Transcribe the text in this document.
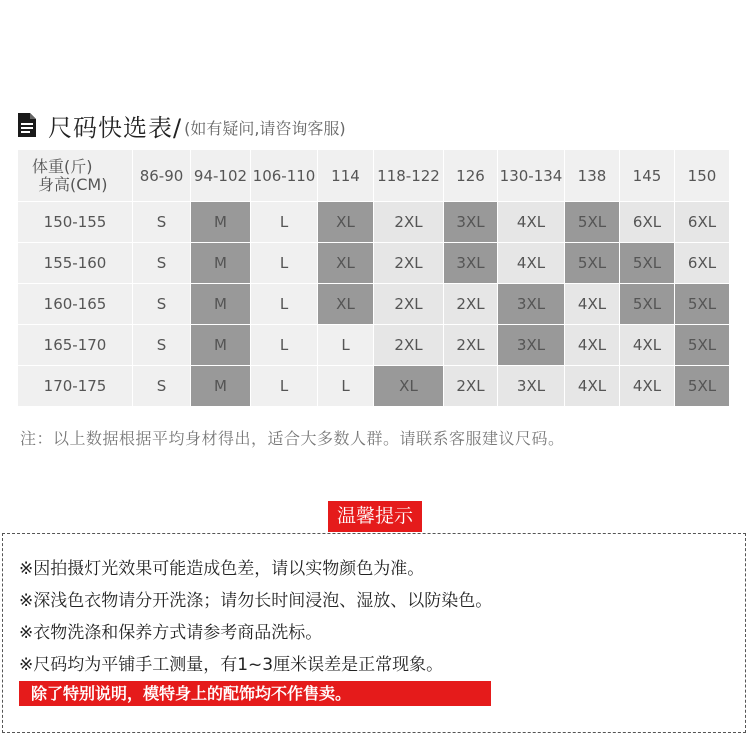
尺码快选表/ (如有疑问,请咨询客服)
体重(斤)
身高(CM)	86-90	94-102	106-110	114	118-122	126	130-134	138	145	150
150-155	S	M	L	XL	2XL	3XL	4XL	5XL	6XL	6XL
155-160	S	M	L	XL	2XL	3XL	4XL	5XL	5XL	6XL
160-165	S	M	L	XL	2XL	2XL	3XL	4XL	5XL	5XL
165-170	S	M	L	L	2XL	2XL	3XL	4XL	4XL	5XL
170-175	S	M	L	L	XL	2XL	3XL	4XL	4XL	5XL
注：以上数据根据平均身材得出，适合大多数人群。请联系客服建议尺码。
温馨提示
※因拍摄灯光效果可能造成色差，请以实物颜色为准。
※深浅色衣物请分开洗涤；请勿长时间浸泡、湿放、以防染色。
※衣物洗涤和保养方式请参考商品洗标。
※尺码均为平铺手工测量，有1~3厘米误差是正常现象。
除了特别说明，模特身上的配饰均不作售卖。
